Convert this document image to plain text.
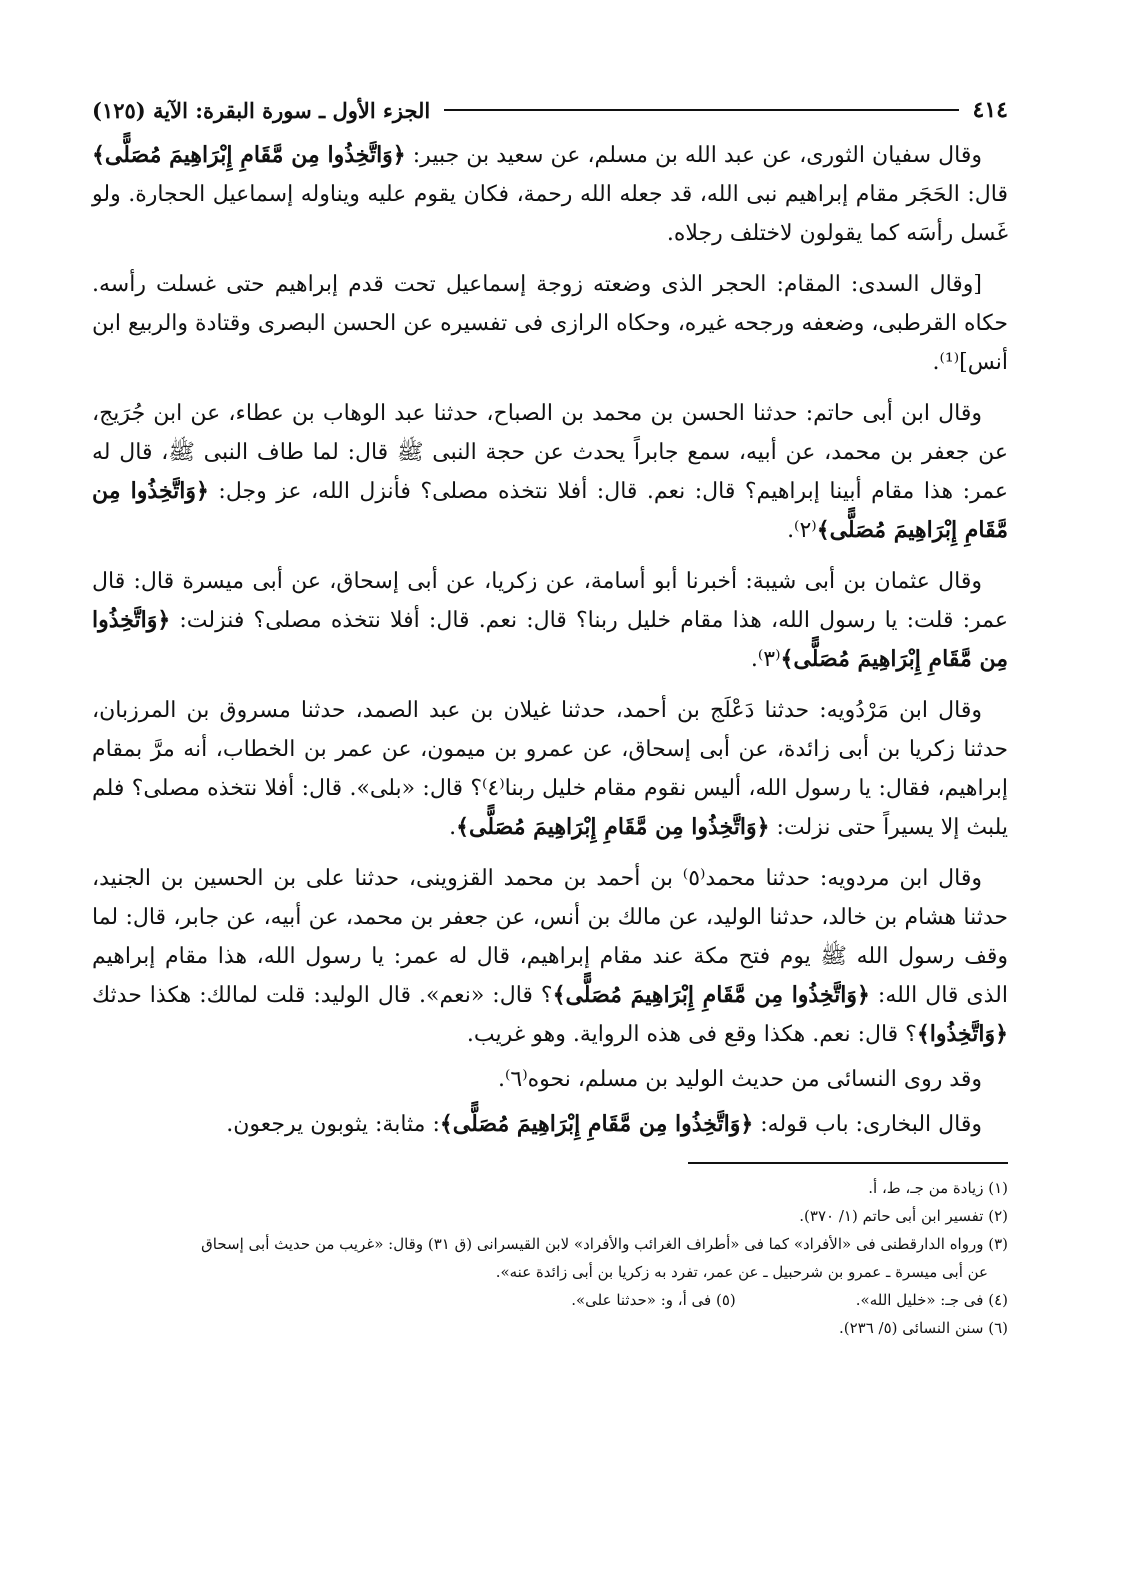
٤١٤
الجزء الأول ـ سورة البقرة: الآية (١٢٥)

وقال سفيان الثورى، عن عبد الله بن مسلم، عن سعيد بن جبير: ﴿وَاتَّخِذُوا مِن مَّقَامِ إِبْرَاهِيمَ مُصَلًّى﴾ قال: الحَجَر مقام إبراهيم نبى الله، قد جعله الله رحمة، فكان يقوم عليه ويناوله إسماعيل الحجارة. ولو غَسل رأسَه كما يقولون لاختلف رجلاه.

[وقال السدى: المقام: الحجر الذى وضعته زوجة إسماعيل تحت قدم إبراهيم حتى غسلت رأسه. حكاه القرطبى، وضعفه ورجحه غيره، وحكاه الرازى فى تفسيره عن الحسن البصرى وقتادة والربيع ابن أنس]⁽¹⁾.

وقال ابن أبى حاتم: حدثنا الحسن بن محمد بن الصباح، حدثنا عبد الوهاب بن عطاء، عن ابن جُرَيج، عن جعفر بن محمد، عن أبيه، سمع جابراً يحدث عن حجة النبى ﷺ قال: لما طاف النبى ﷺ، قال له عمر: هذا مقام أبينا إبراهيم؟ قال: نعم. قال: أفلا نتخذه مصلى؟ فأنزل الله، عز وجل: ﴿وَاتَّخِذُوا مِن مَّقَامِ إِبْرَاهِيمَ مُصَلًّى﴾⁽٢⁾.

وقال عثمان بن أبى شيبة: أخبرنا أبو أسامة، عن زكريا، عن أبى إسحاق، عن أبى ميسرة قال: قال عمر: قلت: يا رسول الله، هذا مقام خليل ربنا؟ قال: نعم. قال: أفلا نتخذه مصلى؟ فنزلت: ﴿وَاتَّخِذُوا مِن مَّقَامِ إِبْرَاهِيمَ مُصَلًّى﴾⁽٣⁾.

وقال ابن مَرْدُويه: حدثنا دَعْلَج بن أحمد، حدثنا غيلان بن عبد الصمد، حدثنا مسروق بن المرزبان، حدثنا زكريا بن أبى زائدة، عن أبى إسحاق، عن عمرو بن ميمون، عن عمر بن الخطاب، أنه مرَّ بمقام إبراهيم، فقال: يا رسول الله، أليس نقوم مقام خليل ربنا⁽٤⁾؟ قال: «بلى». قال: أفلا نتخذه مصلى؟ فلم يلبث إلا يسيراً حتى نزلت: ﴿وَاتَّخِذُوا مِن مَّقَامِ إِبْرَاهِيمَ مُصَلًّى﴾.

وقال ابن مردويه: حدثنا محمد⁽٥⁾ بن أحمد بن محمد القزوينى، حدثنا على بن الحسين بن الجنيد، حدثنا هشام بن خالد، حدثنا الوليد، عن مالك بن أنس، عن جعفر بن محمد، عن أبيه، عن جابر، قال: لما وقف رسول الله ﷺ يوم فتح مكة عند مقام إبراهيم، قال له عمر: يا رسول الله، هذا مقام إبراهيم الذى قال الله: ﴿وَاتَّخِذُوا مِن مَّقَامِ إِبْرَاهِيمَ مُصَلًّى﴾؟ قال: «نعم». قال الوليد: قلت لمالك: هكذا حدثك ﴿وَاتَّخِذُوا﴾؟ قال: نعم. هكذا وقع فى هذه الرواية. وهو غريب.

وقد روى النسائى من حديث الوليد بن مسلم، نحوه⁽٦⁾.

وقال البخارى: باب قوله: ﴿وَاتَّخِذُوا مِن مَّقَامِ إِبْرَاهِيمَ مُصَلًّى﴾: مثابة: يثوبون يرجعون.

(١) زيادة من جـ، ط، أ.

(٢) تفسير ابن أبى حاتم (١/ ٣٧٠).

(٣) ورواه الدارقطنى فى «الأفراد» كما فى «أطراف الغرائب والأفراد» لابن القيسرانى (ق ٣١) وقال: «غريب من حديث أبى إسحاق

عن أبى ميسرة ـ عمرو بن شرحبيل ـ عن عمر، تفرد به زكريا بن أبى زائدة عنه».

(٤) فى جـ: «خليل الله».

(٥) فى أ، و: «حدثنا على».

(٦) سنن النسائى (٥/ ٢٣٦).
